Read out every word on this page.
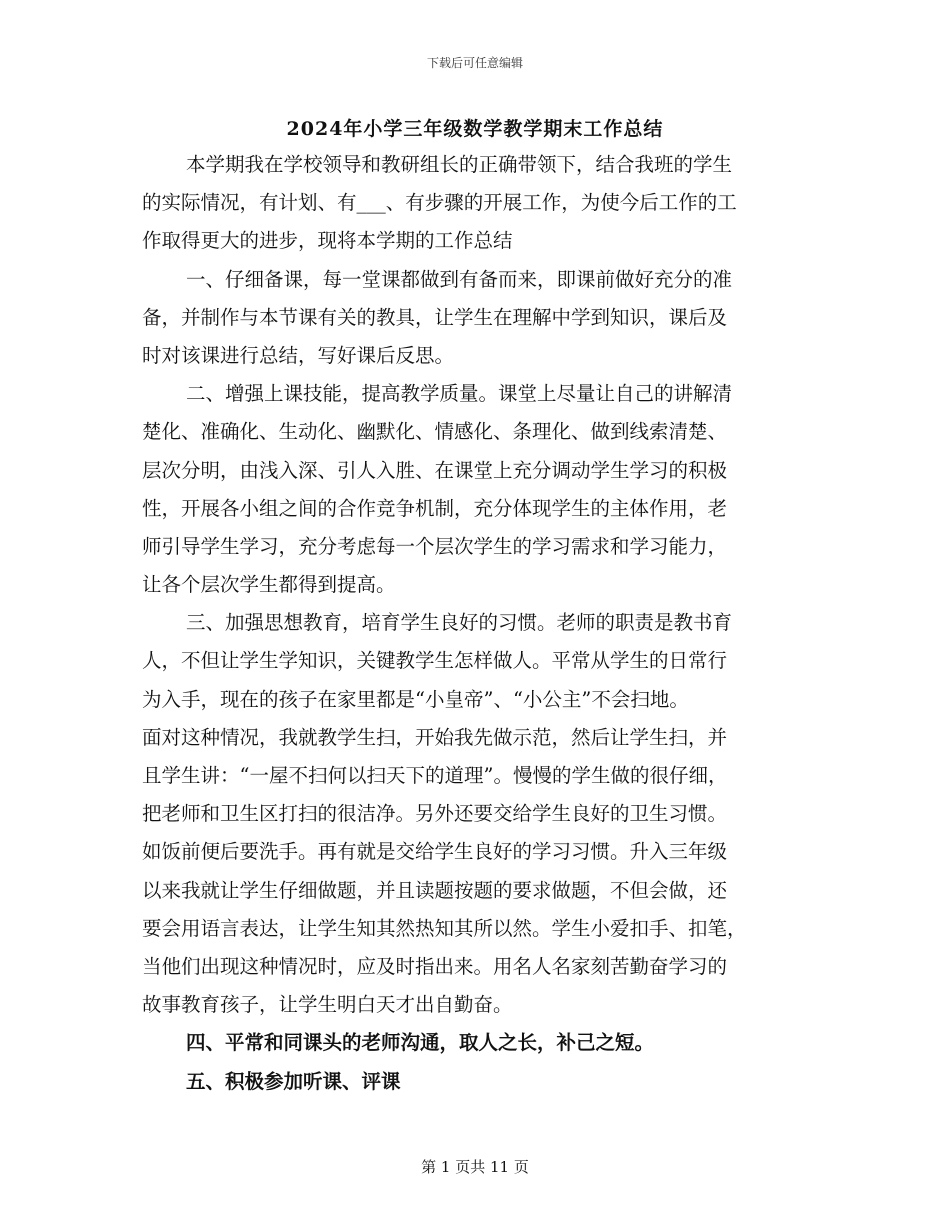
下载后可任意编辑
2024年小学三年级数学教学期末工作总结
本学期我在学校领导和教研组长的正确带领下，结合我班的学生
的实际情况，有计划、有___、有步骤的开展工作，为使今后工作的工
作取得更大的进步，现将本学期的工作总结
一、仔细备课，每一堂课都做到有备而来，即课前做好充分的准
备，并制作与本节课有关的教具，让学生在理解中学到知识，课后及
时对该课进行总结，写好课后反思。
二、增强上课技能，提高教学质量。课堂上尽量让自己的讲解清
楚化、准确化、生动化、幽默化、情感化、条理化、做到线索清楚、
层次分明，由浅入深、引人入胜、在课堂上充分调动学生学习的积极
性，开展各小组之间的合作竞争机制，充分体现学生的主体作用，老
师引导学生学习，充分考虑每一个层次学生的学习需求和学习能力，
让各个层次学生都得到提高。
三、加强思想教育，培育学生良好的习惯。老师的职责是教书育
人，不但让学生学知识，关键教学生怎样做人。平常从学生的日常行
为入手，现在的孩子在家里都是“小皇帝”、“小公主”不会扫地。
面对这种情况，我就教学生扫，开始我先做示范，然后让学生扫，并
且学生讲：“一屋不扫何以扫天下的道理”。慢慢的学生做的很仔细，
把老师和卫生区打扫的很洁净。另外还要交给学生良好的卫生习惯。
如饭前便后要洗手。再有就是交给学生良好的学习习惯。升入三年级
以来我就让学生仔细做题，并且读题按题的要求做题，不但会做，还
要会用语言表达，让学生知其然热知其所以然。学生小爱扣手、扣笔，
当他们出现这种情况时，应及时指出来。用名人名家刻苦勤奋学习的
故事教育孩子，让学生明白天才出自勤奋。
四、平常和同课头的老师沟通，取人之长，补己之短。
五、积极参加听课、评课
第 1 页共 11 页
